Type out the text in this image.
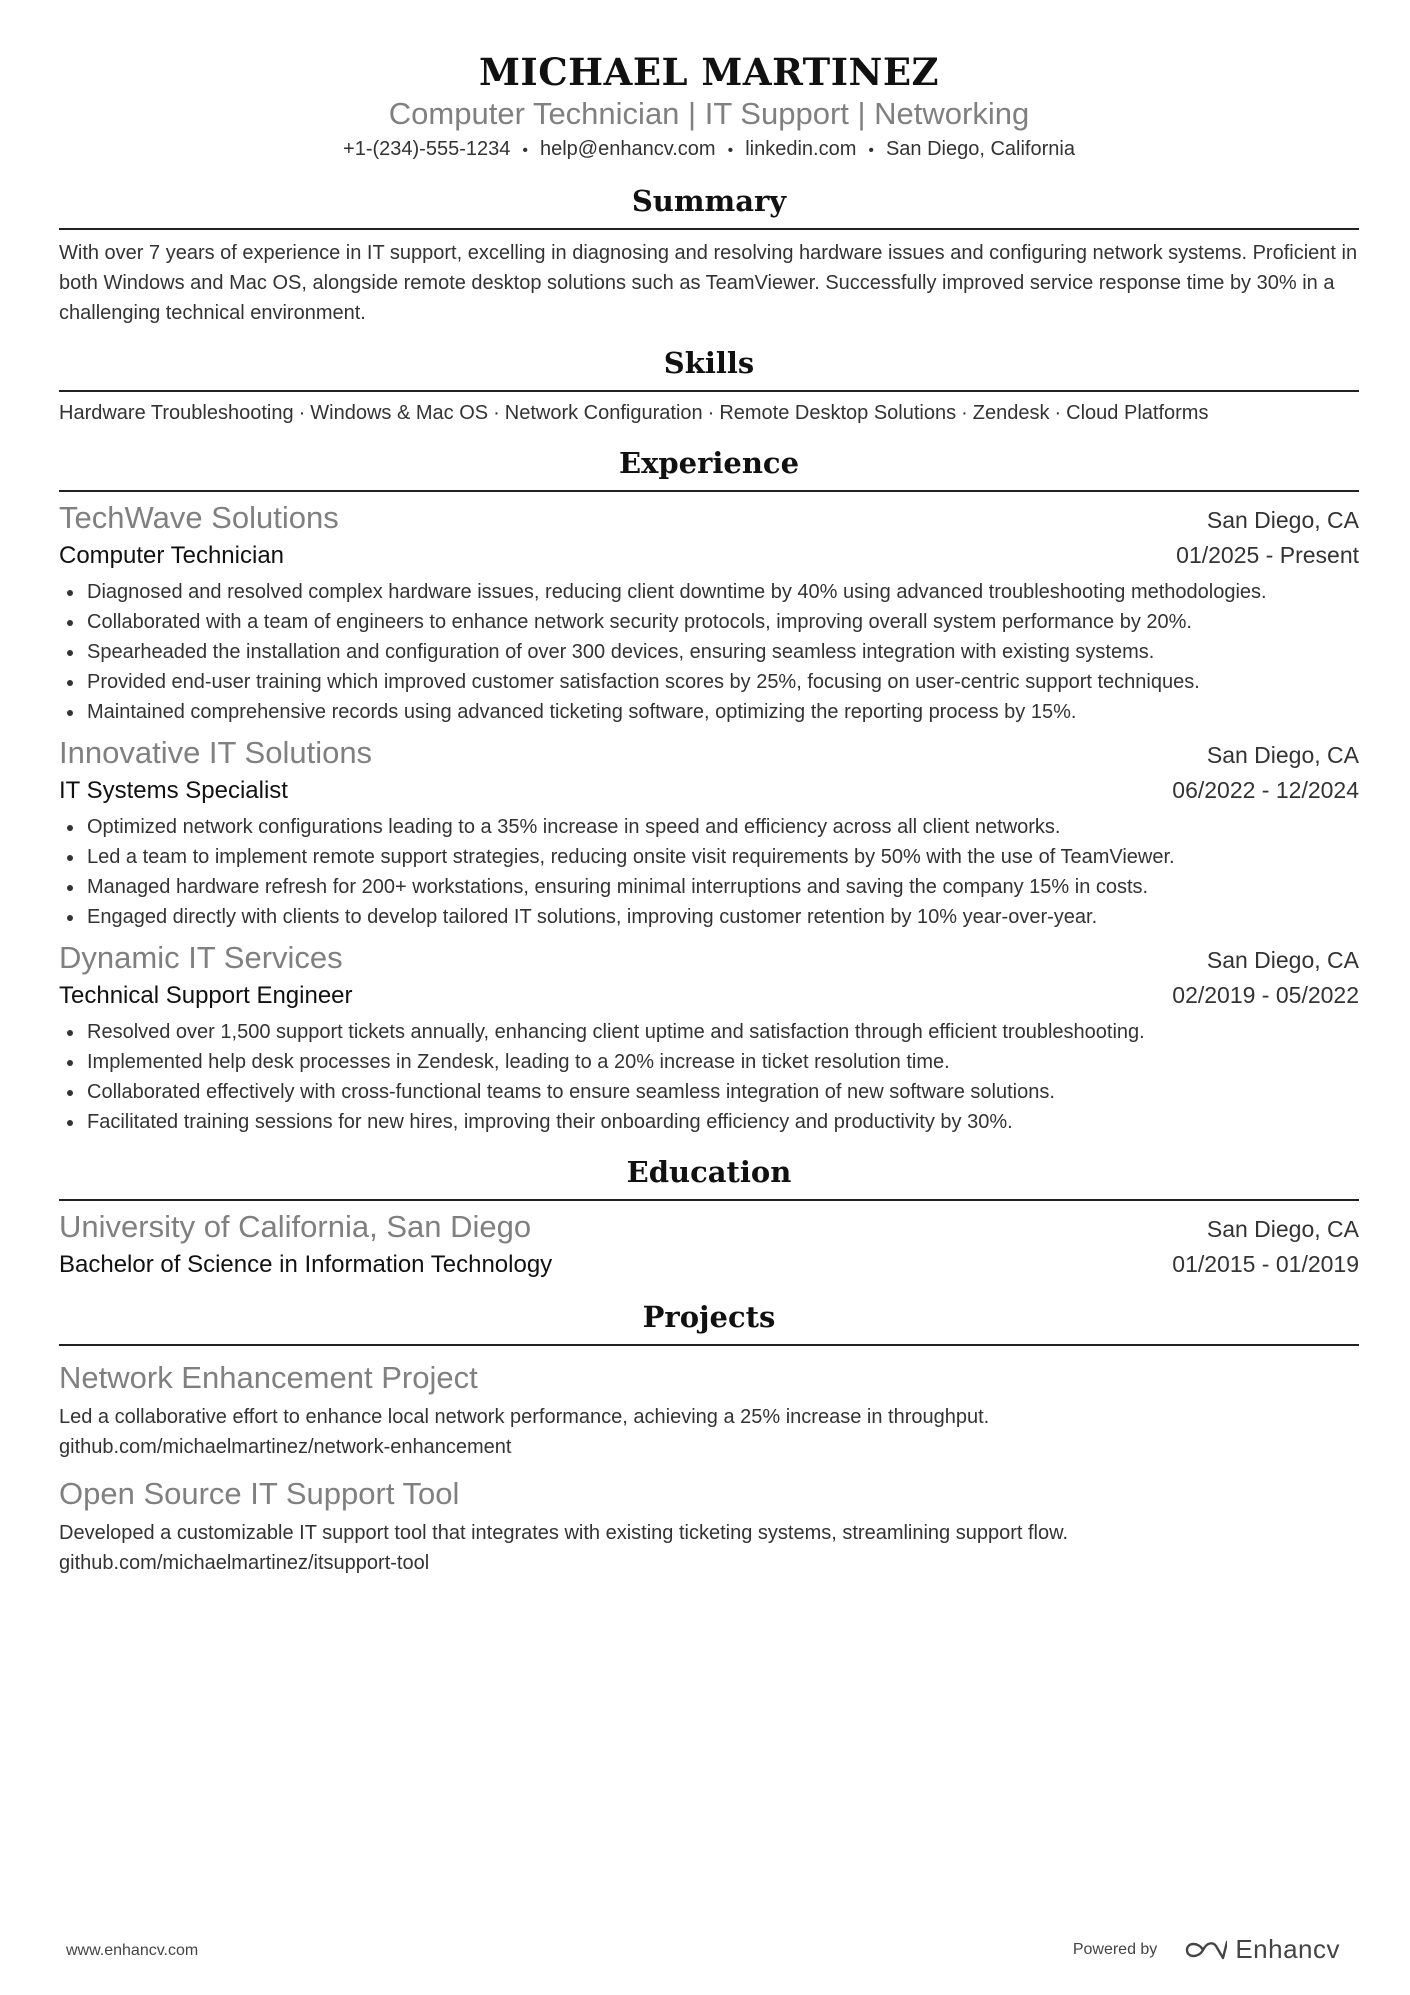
MICHAEL MARTINEZ
Computer Technician | IT Support | Networking
+1-(234)-555-1234 • help@enhancv.com • linkedin.com • San Diego, California
Summary
With over 7 years of experience in IT support, excelling in diagnosing and resolving hardware issues and configuring network systems. Proficient in both Windows and Mac OS, alongside remote desktop solutions such as TeamViewer. Successfully improved service response time by 30% in a challenging technical environment.
Skills
Hardware Troubleshooting · Windows & Mac OS · Network Configuration · Remote Desktop Solutions · Zendesk · Cloud Platforms
Experience
TechWave Solutions	San Diego, CA
Computer Technician	01/2025 - Present
Diagnosed and resolved complex hardware issues, reducing client downtime by 40% using advanced troubleshooting methodologies.
Collaborated with a team of engineers to enhance network security protocols, improving overall system performance by 20%.
Spearheaded the installation and configuration of over 300 devices, ensuring seamless integration with existing systems.
Provided end-user training which improved customer satisfaction scores by 25%, focusing on user-centric support techniques.
Maintained comprehensive records using advanced ticketing software, optimizing the reporting process by 15%.
Innovative IT Solutions	San Diego, CA
IT Systems Specialist	06/2022 - 12/2024
Optimized network configurations leading to a 35% increase in speed and efficiency across all client networks.
Led a team to implement remote support strategies, reducing onsite visit requirements by 50% with the use of TeamViewer.
Managed hardware refresh for 200+ workstations, ensuring minimal interruptions and saving the company 15% in costs.
Engaged directly with clients to develop tailored IT solutions, improving customer retention by 10% year-over-year.
Dynamic IT Services	San Diego, CA
Technical Support Engineer	02/2019 - 05/2022
Resolved over 1,500 support tickets annually, enhancing client uptime and satisfaction through efficient troubleshooting.
Implemented help desk processes in Zendesk, leading to a 20% increase in ticket resolution time.
Collaborated effectively with cross-functional teams to ensure seamless integration of new software solutions.
Facilitated training sessions for new hires, improving their onboarding efficiency and productivity by 30%.
Education
University of California, San Diego	San Diego, CA
Bachelor of Science in Information Technology	01/2015 - 01/2019
Projects
Network Enhancement Project
Led a collaborative effort to enhance local network performance, achieving a 25% increase in throughput.
github.com/michaelmartinez/network-enhancement
Open Source IT Support Tool
Developed a customizable IT support tool that integrates with existing ticketing systems, streamlining support flow.
github.com/michaelmartinez/itsupport-tool
www.enhancv.com	Powered by	Enhancv
